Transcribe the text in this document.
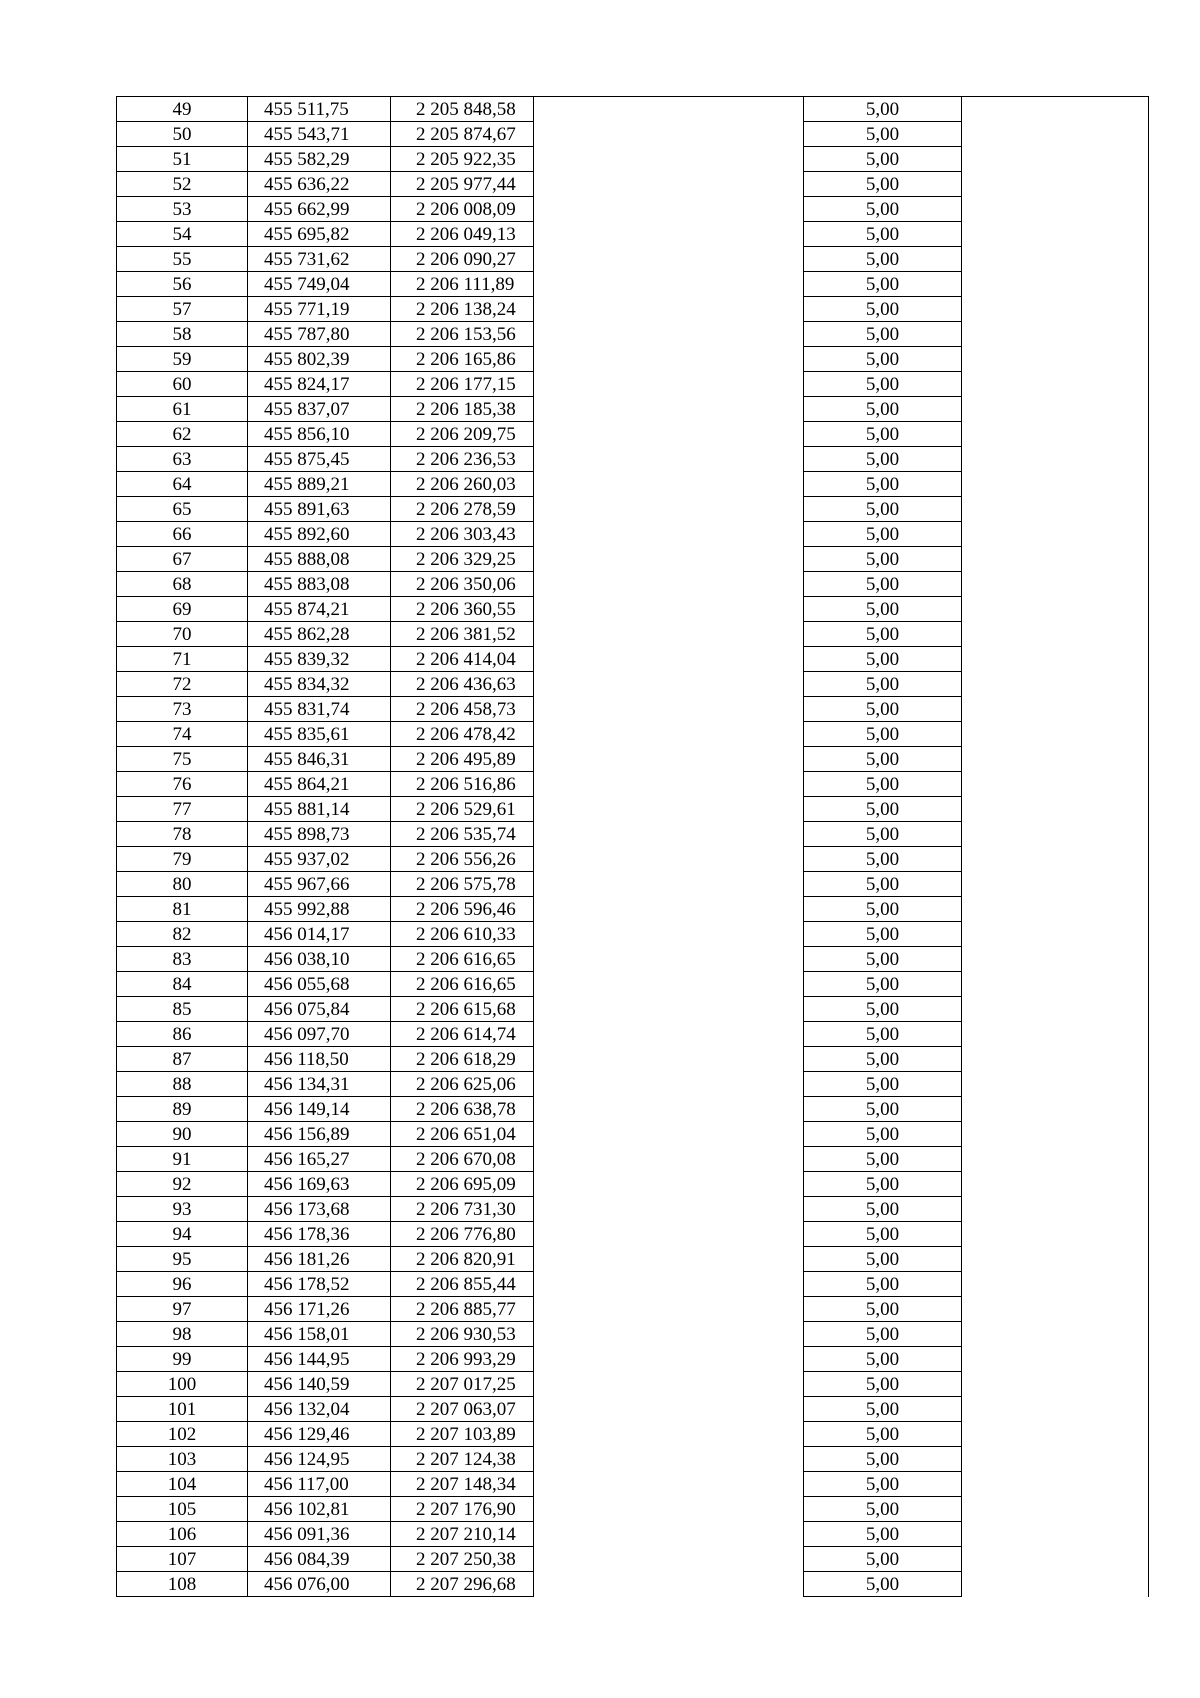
49	455 511,75	2 205 848,58		5,00	
50	455 543,71	2 205 874,67		5,00	
51	455 582,29	2 205 922,35		5,00	
52	455 636,22	2 205 977,44		5,00	
53	455 662,99	2 206 008,09		5,00	
54	455 695,82	2 206 049,13		5,00	
55	455 731,62	2 206 090,27		5,00	
56	455 749,04	2 206 111,89		5,00	
57	455 771,19	2 206 138,24		5,00	
58	455 787,80	2 206 153,56		5,00	
59	455 802,39	2 206 165,86		5,00	
60	455 824,17	2 206 177,15		5,00	
61	455 837,07	2 206 185,38		5,00	
62	455 856,10	2 206 209,75		5,00	
63	455 875,45	2 206 236,53		5,00	
64	455 889,21	2 206 260,03		5,00	
65	455 891,63	2 206 278,59		5,00	
66	455 892,60	2 206 303,43		5,00	
67	455 888,08	2 206 329,25		5,00	
68	455 883,08	2 206 350,06		5,00	
69	455 874,21	2 206 360,55		5,00	
70	455 862,28	2 206 381,52		5,00	
71	455 839,32	2 206 414,04		5,00	
72	455 834,32	2 206 436,63		5,00	
73	455 831,74	2 206 458,73		5,00	
74	455 835,61	2 206 478,42		5,00	
75	455 846,31	2 206 495,89		5,00	
76	455 864,21	2 206 516,86		5,00	
77	455 881,14	2 206 529,61		5,00	
78	455 898,73	2 206 535,74		5,00	
79	455 937,02	2 206 556,26		5,00	
80	455 967,66	2 206 575,78		5,00	
81	455 992,88	2 206 596,46		5,00	
82	456 014,17	2 206 610,33		5,00	
83	456 038,10	2 206 616,65		5,00	
84	456 055,68	2 206 616,65		5,00	
85	456 075,84	2 206 615,68		5,00	
86	456 097,70	2 206 614,74		5,00	
87	456 118,50	2 206 618,29		5,00	
88	456 134,31	2 206 625,06		5,00	
89	456 149,14	2 206 638,78		5,00	
90	456 156,89	2 206 651,04		5,00	
91	456 165,27	2 206 670,08		5,00	
92	456 169,63	2 206 695,09		5,00	
93	456 173,68	2 206 731,30		5,00	
94	456 178,36	2 206 776,80		5,00	
95	456 181,26	2 206 820,91		5,00	
96	456 178,52	2 206 855,44		5,00	
97	456 171,26	2 206 885,77		5,00	
98	456 158,01	2 206 930,53		5,00	
99	456 144,95	2 206 993,29		5,00	
100	456 140,59	2 207 017,25		5,00	
101	456 132,04	2 207 063,07		5,00	
102	456 129,46	2 207 103,89		5,00	
103	456 124,95	2 207 124,38		5,00	
104	456 117,00	2 207 148,34		5,00	
105	456 102,81	2 207 176,90		5,00	
106	456 091,36	2 207 210,14		5,00	
107	456 084,39	2 207 250,38		5,00	
108	456 076,00	2 207 296,68		5,00	
